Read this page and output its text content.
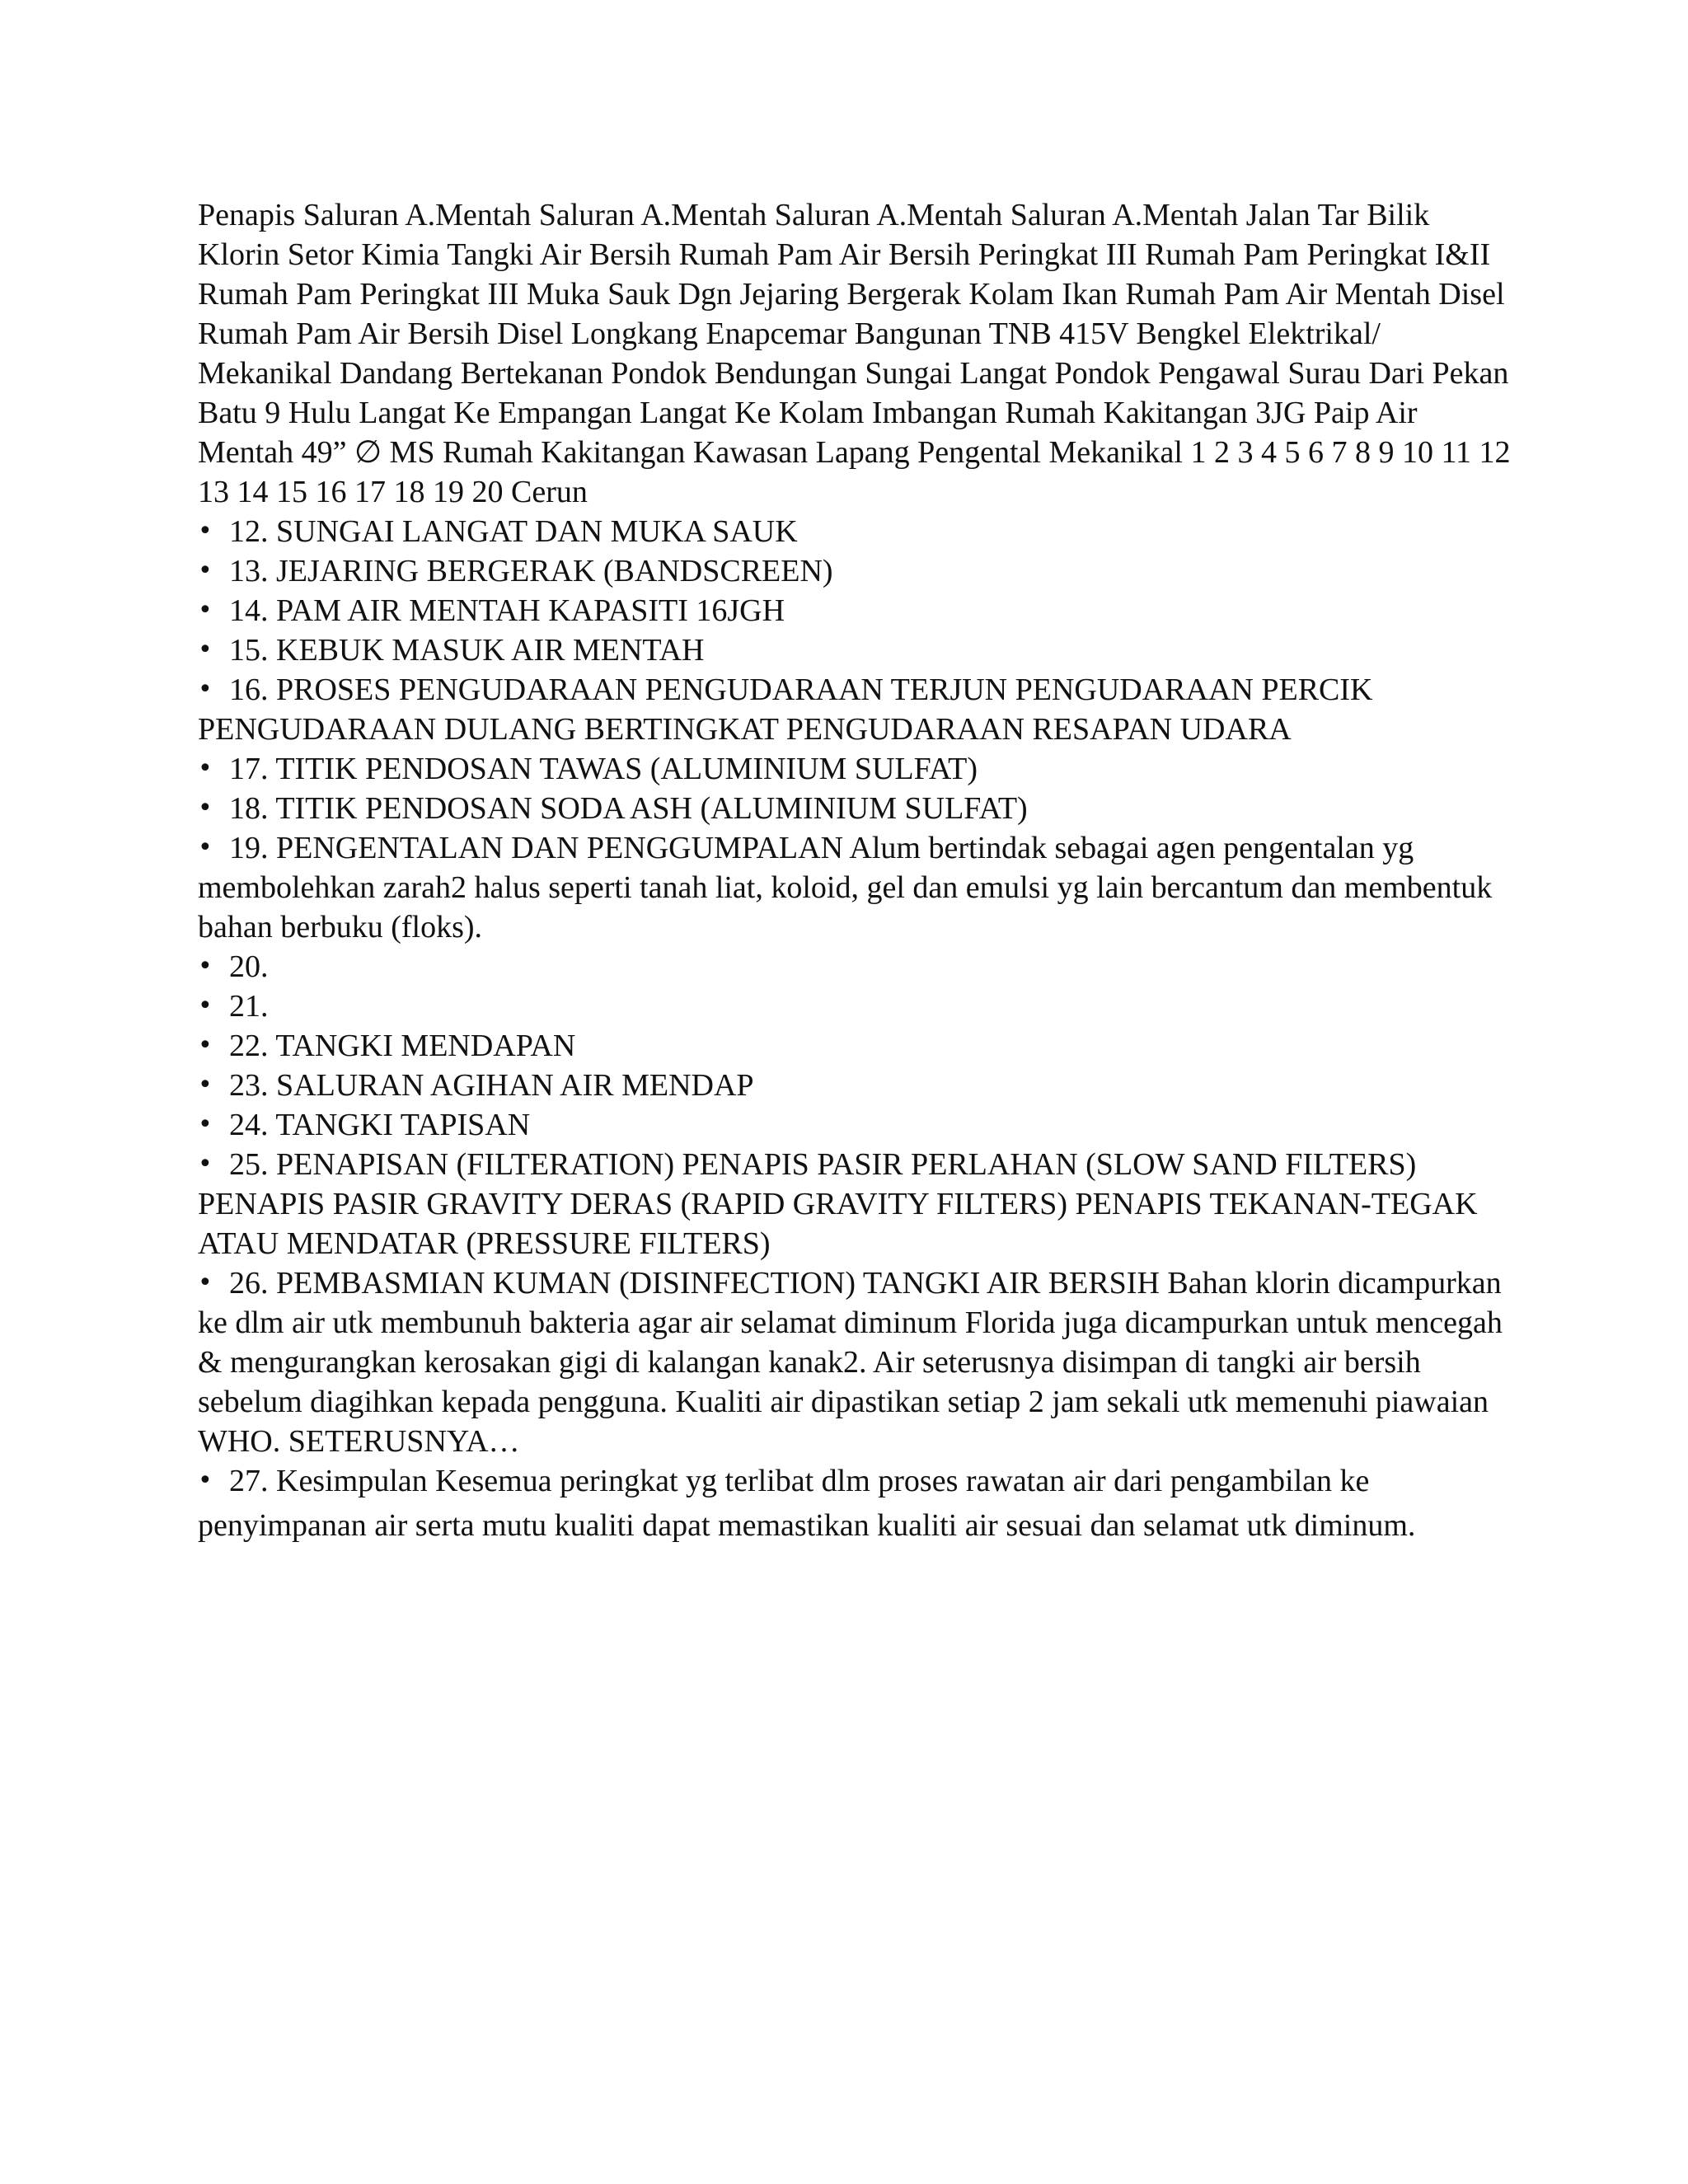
Penapis Saluran A.Mentah Saluran A.Mentah Saluran A.Mentah Saluran A.Mentah Jalan Tar Bilik Klorin Setor Kimia Tangki Air Bersih Rumah Pam Air Bersih Peringkat III Rumah Pam Peringkat I&II Rumah Pam Peringkat III Muka Sauk Dgn Jejaring Bergerak Kolam Ikan Rumah Pam Air Mentah Disel Rumah Pam Air Bersih Disel Longkang Enapcemar Bangunan TNB 415V Bengkel Elektrikal/ Mekanikal Dandang Bertekanan Pondok Bendungan Sungai Langat Pondok Pengawal Surau Dari Pekan Batu 9 Hulu Langat Ke Empangan Langat Ke Kolam Imbangan Rumah Kakitangan 3JG Paip Air Mentah 49” ∅ MS Rumah Kakitangan Kawasan Lapang Pengental Mekanikal 1 2 3 4 5 6 7 8 9 10 11 12 13 14 15 16 17 18 19 20 Cerun

•12. SUNGAI LANGAT DAN MUKA SAUK
•13. JEJARING BERGERAK (BANDSCREEN)
•14. PAM AIR MENTAH KAPASITI 16JGH
•15. KEBUK MASUK AIR MENTAH
•16. PROSES PENGUDARAAN PENGUDARAAN TERJUN PENGUDARAAN PERCIK PENGUDARAAN DULANG BERTINGKAT PENGUDARAAN RESAPAN UDARA
•17. TITIK PENDOSAN TAWAS (ALUMINIUM SULFAT)
•18. TITIK PENDOSAN SODA ASH (ALUMINIUM SULFAT)
•19. PENGENTALAN DAN PENGGUMPALAN Alum bertindak sebagai agen pengentalan yg membolehkan zarah2 halus seperti tanah liat, koloid, gel dan emulsi yg lain bercantum dan membentuk bahan berbuku (floks).
•20.
•21.
•22. TANGKI MENDAPAN
•23. SALURAN AGIHAN AIR MENDAP
•24. TANGKI TAPISAN
•25. PENAPISAN (FILTERATION) PENAPIS PASIR PERLAHAN (SLOW SAND FILTERS) PENAPIS PASIR GRAVITY DERAS (RAPID GRAVITY FILTERS) PENAPIS TEKANAN-TEGAK ATAU MENDATAR (PRESSURE FILTERS)
•26. PEMBASMIAN KUMAN (DISINFECTION) TANGKI AIR BERSIH Bahan klorin dicampurkan ke dlm air utk membunuh bakteria agar air selamat diminum Florida juga dicampurkan untuk mencegah & mengurangkan kerosakan gigi di kalangan kanak2. Air seterusnya disimpan di tangki air bersih sebelum diagihkan kepada pengguna. Kualiti air dipastikan setiap 2 jam sekali utk memenuhi piawaian WHO. SETERUSNYA…
•27. Kesimpulan Kesemua peringkat yg terlibat dlm proses rawatan air dari pengambilan ke
penyimpanan air serta mutu kualiti dapat memastikan kualiti air sesuai dan selamat utk diminum.
